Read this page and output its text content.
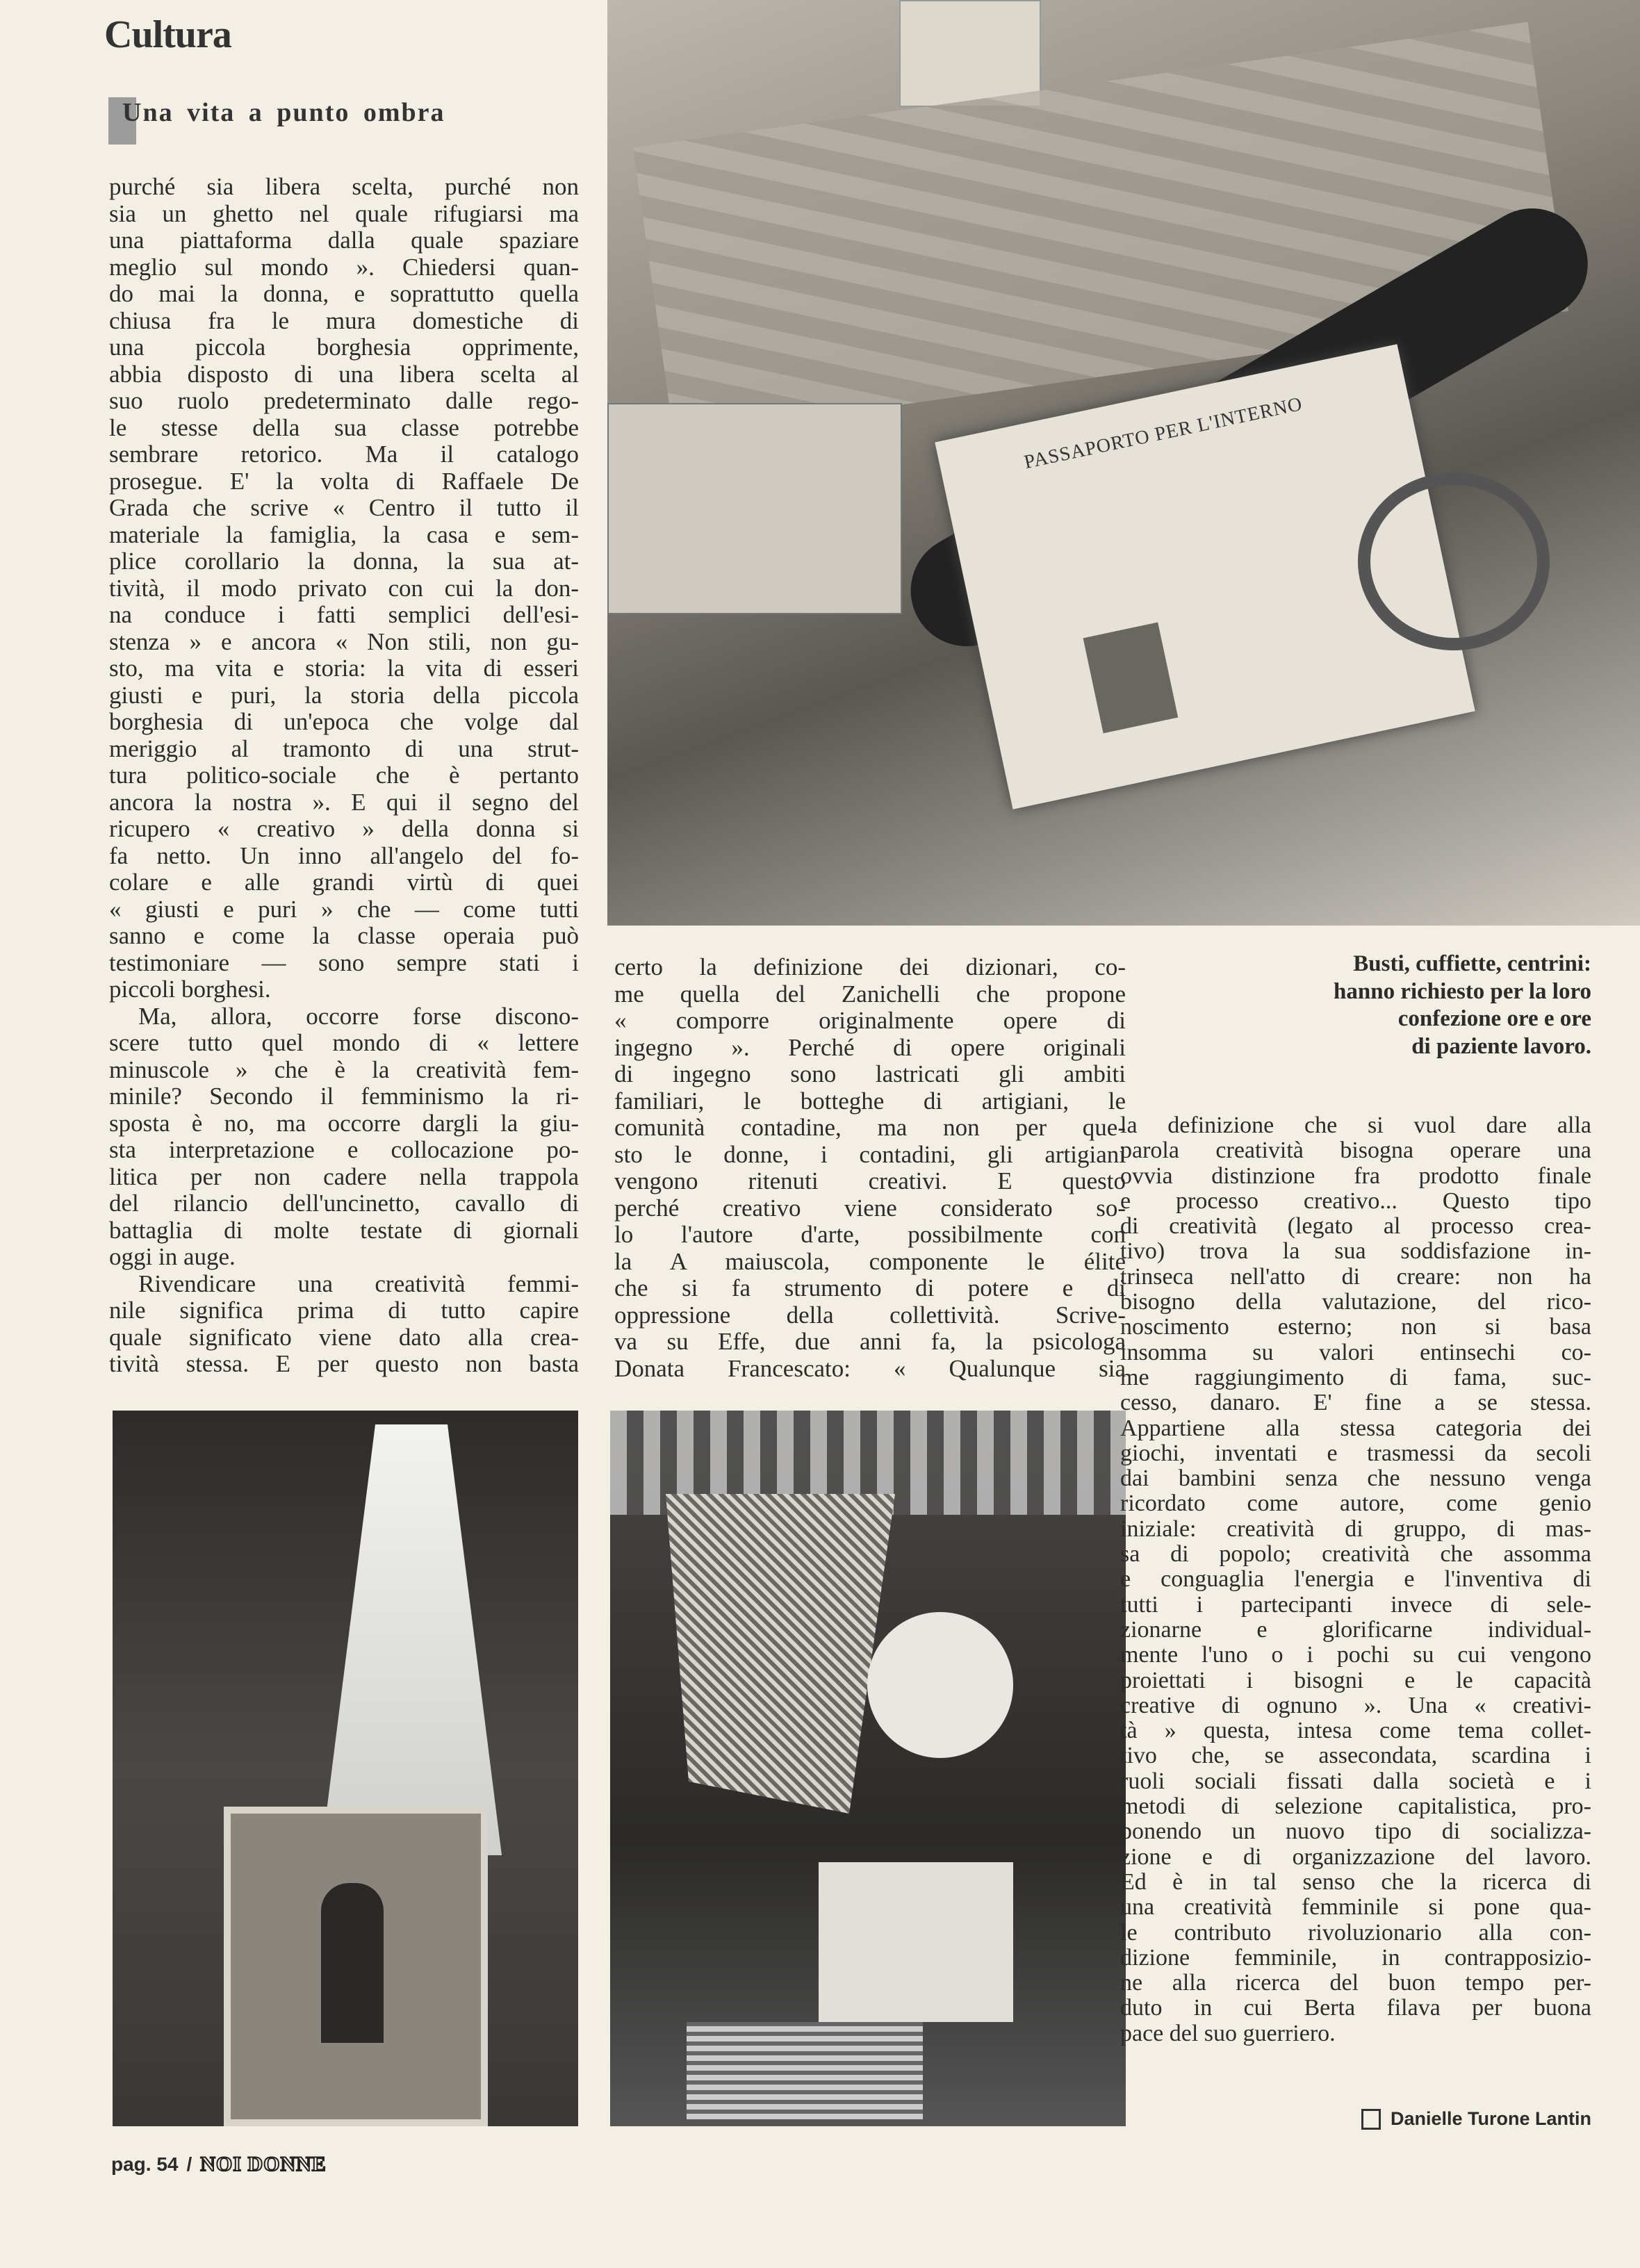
Cultura
Una vita a punto ombra
PASSAPORTO PER L'INTERNO
purché sia libera scelta, purché non
sia un ghetto nel quale rifugiarsi ma
una piattaforma dalla quale spaziare
meglio sul mondo ». Chiedersi quan-
do mai la donna, e soprattutto quella
chiusa fra le mura domestiche di
una piccola borghesia opprimente,
abbia disposto di una libera scelta al
suo ruolo predeterminato dalle rego-
le stesse della sua classe potrebbe
sembrare retorico. Ma il catalogo
prosegue. E' la volta di Raffaele De
Grada che scrive « Centro il tutto il
materiale la famiglia, la casa e sem-
plice corollario la donna, la sua at-
tività, il modo privato con cui la don-
na conduce i fatti semplici dell'esi-
stenza » e ancora « Non stili, non gu-
sto, ma vita e storia: la vita di esseri
giusti e puri, la storia della piccola
borghesia di un'epoca che volge dal
meriggio al tramonto di una strut-
tura politico-sociale che è pertanto
ancora la nostra ». E qui il segno del
ricupero « creativo » della donna si
fa netto. Un inno all'angelo del fo-
colare e alle grandi virtù di quei
« giusti e puri » che — come tutti
sanno e come la classe operaia può
testimoniare — sono sempre stati i
piccoli borghesi.
Ma, allora, occorre forse discono-
scere tutto quel mondo di « lettere
minuscole » che è la creatività fem-
minile? Secondo il femminismo la ri-
sposta è no, ma occorre dargli la giu-
sta interpretazione e collocazione po-
litica per non cadere nella trappola
del rilancio dell'uncinetto, cavallo di
battaglia di molte testate di giornali
oggi in auge.
Rivendicare una creatività femmi-
nile significa prima di tutto capire
quale significato viene dato alla crea-
tività stessa. E per questo non basta
certo la definizione dei dizionari, co-
me quella del Zanichelli che propone
« comporre originalmente opere di
ingegno ». Perché di opere originali
di ingegno sono lastricati gli ambiti
familiari, le botteghe di artigiani, le
comunità contadine, ma non per que-
sto le donne, i contadini, gli artigiani
vengono ritenuti creativi. E questo
perché creativo viene considerato so-
lo l'autore d'arte, possibilmente con
la A maiuscola, componente le élite
che si fa strumento di potere e di
oppressione della collettività. Scrive-
va su Effe, due anni fa, la psicologa
Donata Francescato: « Qualunque sia
la definizione che si vuol dare alla
parola creatività bisogna operare una
ovvia distinzione fra prodotto finale
e processo creativo... Questo tipo
di creatività (legato al processo crea-
tivo) trova la sua soddisfazione in-
trinseca nell'atto di creare: non ha
bisogno della valutazione, del rico-
noscimento esterno; non si basa
insomma su valori entinsechi co-
me raggiungimento di fama, suc-
cesso, danaro. E' fine a se stessa.
Appartiene alla stessa categoria dei
giochi, inventati e trasmessi da secoli
dai bambini senza che nessuno venga
ricordato come autore, come genio
iniziale: creatività di gruppo, di mas-
sa di popolo; creatività che assomma
e conguaglia l'energia e l'inventiva di
tutti i partecipanti invece di sele-
zionarne e glorificarne individual-
mente l'uno o i pochi su cui vengono
proiettati i bisogni e le capacità
creative di ognuno ». Una « creativi-
tà » questa, intesa come tema collet-
tivo che, se assecondata, scardina i
ruoli sociali fissati dalla società e i
metodi di selezione capitalistica, pro-
ponendo un nuovo tipo di socializza-
zione e di organizzazione del lavoro.
Ed è in tal senso che la ricerca di
una creatività femminile si pone qua-
le contributo rivoluzionario alla con-
dizione femminile, in contrapposizio-
ne alla ricerca del buon tempo per-
duto in cui Berta filava per buona
pace del suo guerriero.
Busti, cuffiette, centrini:
hanno richiesto per la loro
confezione ore e ore
di paziente lavoro.
Danielle Turone Lantin
pag. 54 / NOI DONNE
